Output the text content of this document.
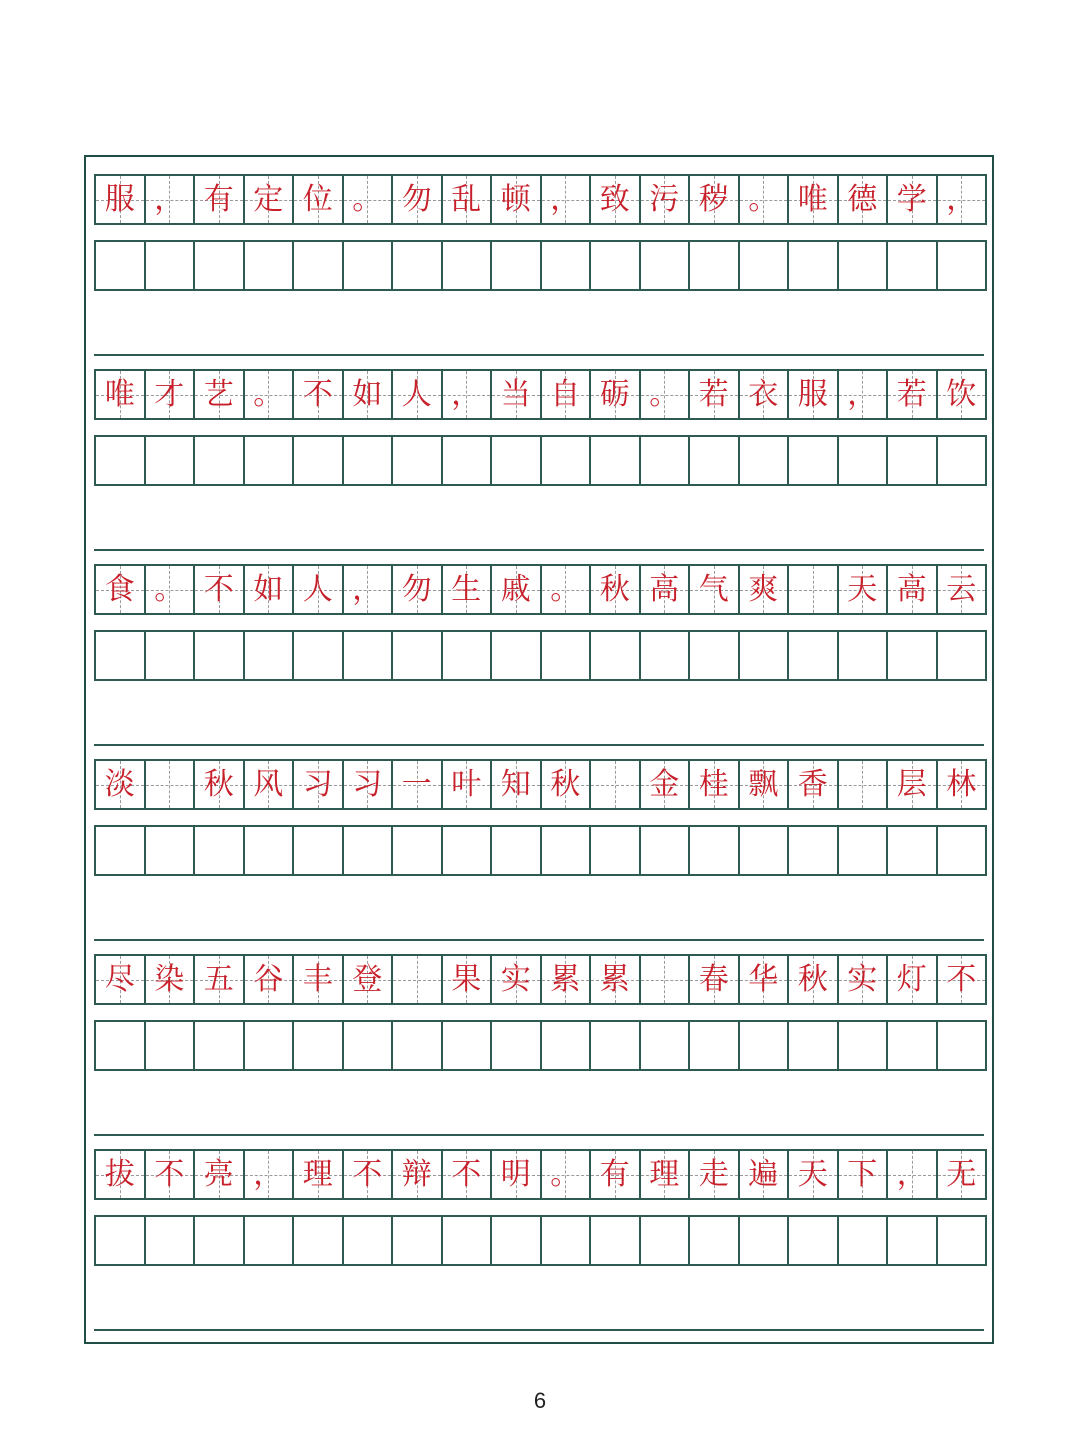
服 ， 有 定 位 。 勿 乱 顿 ， 致 污 秽 。 唯 德 学 ，
唯 才 艺 。 不 如 人 ， 当 自 砺 。 若 衣 服 ， 若 饮
食 。 不 如 人 ， 勿 生 戚 。 秋 高 气 爽 天 高 云
淡 秋 风 习 习 一 叶 知 秋 金 桂 飘 香 层 林
尽 染 五 谷 丰 登 果 实 累 累 春 华 秋 实 灯 不
拔 不 亮 ， 理 不 辩 不 明 。 有 理 走 遍 天 下 ， 无
6
